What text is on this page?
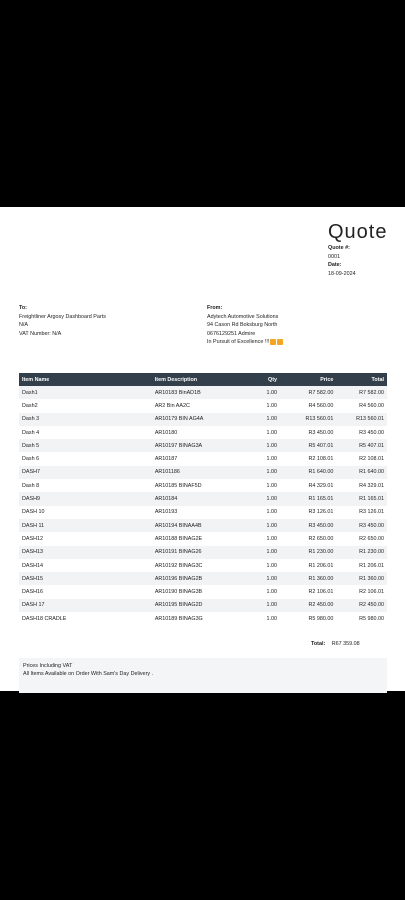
Quote
Quote #:
0001
Date:
18-09-2024
To:
Freightliner Argosy Dashboard Parts
N/A
VAT Number: N/A
From:
Adytech Automotive Solutions
94 Cason Rd Boksburg North
0676129251 Admire
In Pursuit of Excellence !!!
Item Name	Item Description	Qty	Price	Total
Dash1	AR10183 BinAD1B	1.00	R7 582.00	R7 582.00
Dash2	AR2 Bin AA2C	1.00	R4 560.00	R4 560.00
Dash 3	AR10179 BIN AG4A	1.00	R13 560.01	R13 560.01
Dash 4	AR10180	1.00	R3 450.00	R3 450.00
Dash 5	AR10197 BINAG3A	1.00	R5 407.01	R5 407.01
Dash 6	AR10187	1.00	R2 108.01	R2 108.01
DASH7	AR101186	1.00	R1 640.00	R1 640.00
Dash 8	AR10185 BINAF5D	1.00	R4 329.01	R4 329.01
DASH9	AR10184	1.00	R1 165.01	R1 165.01
DASH 10	AR10193	1.00	R3 126.01	R3 126.01
DASH 11	AR10194 BINAA4B	1.00	R3 450.00	R3 450.00
DASH12	AR10188 BINAG2E	1.00	R2 650.00	R2 650.00
DASH13	AR10191 BINAG26	1.00	R1 230.00	R1 230.00
DASH14	AR10192 BINAG3C	1.00	R1 206.01	R1 206.01
DASH15	AR10196 BINAG2B	1.00	R1 360.00	R1 360.00
DASH16	AR10190 BINAG3B	1.00	R2 106.01	R2 106.01
DASH 17	AR10195 BINAG2D	1.00	R2 450.00	R2 450.00
DASH18 CRADLE	AR10189 BINAG3G	1.00	R5 980.00	R5 980.00
Total: R67 359.08
Prices Including VAT
All Items Available on Order With Sam's Day Delivery .
